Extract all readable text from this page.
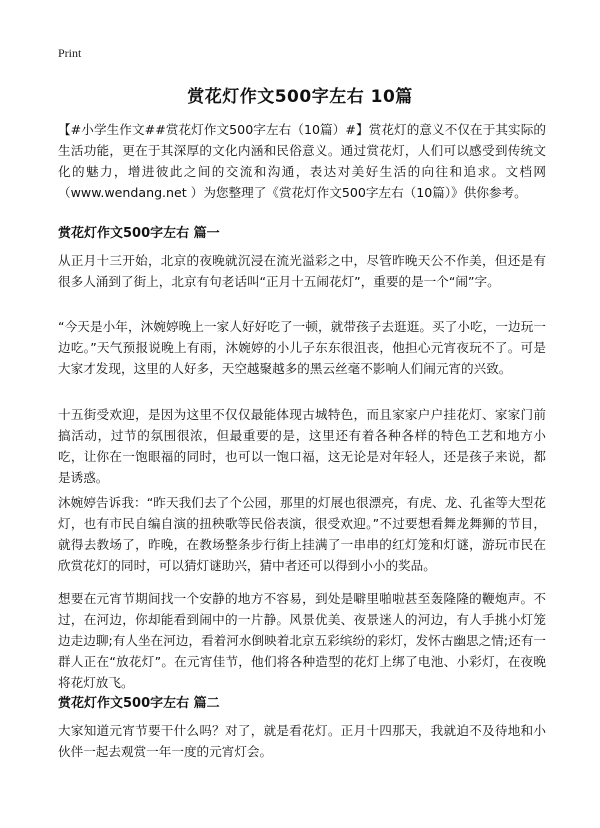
Print
赏花灯作文500字左右 10篇

【#小学生作文##赏花灯作文500字左右（10篇）#】赏花灯的意义不仅在于其实际的生活功能，更在于其深厚的文化内涵和民俗意义。通过赏花灯，人们可以感受到传统文化的魅力，增进彼此之间的交流和沟通，表达对美好生活的向往和追求。文档网（www.wendang.net ）为您整理了《赏花灯作文500字左右（10篇）》供你参考。

赏花灯作文500字左右 篇一

从正月十三开始，北京的夜晚就沉浸在流光溢彩之中，尽管昨晚天公不作美，但还是有很多人涌到了街上，北京有句老话叫“正月十五闹花灯”，重要的是一个“闹”字。

“今天是小年，沐婉婷晚上一家人好好吃了一顿，就带孩子去逛逛。买了小吃，一边玩一边吃。”天气预报说晚上有雨，沐婉婷的小儿子东东很沮丧，他担心元宵夜玩不了。可是大家才发现，这里的人好多，天空越聚越多的黑云丝毫不影响人们闹元宵的兴致。

十五街受欢迎，是因为这里不仅仅最能体现古城特色，而且家家户户挂花灯、家家门前搞活动，过节的氛围很浓，但最重要的是，这里还有着各种各样的特色工艺和地方小吃，让你在一饱眼福的同时，也可以一饱口福，这无论是对年轻人，还是孩子来说，都是诱惑。

沐婉婷告诉我：“昨天我们去了个公园，那里的灯展也很漂亮，有虎、龙、孔雀等大型花灯，也有市民自编自演的扭秧歌等民俗表演，很受欢迎。”不过要想看舞龙舞狮的节目，就得去教场了，昨晚，在教场整条步行街上挂满了一串串的红灯笼和灯谜，游玩市民在欣赏花灯的同时，可以猜灯谜助兴，猜中者还可以得到小小的奖品。

想要在元宵节期间找一个安静的地方不容易，到处是噼里啪啦甚至轰隆隆的鞭炮声。不过，在河边，你却能看到闹中的一片静。风景优美、夜景迷人的河边，有人手挑小灯笼边走边聊;有人坐在河边，看着河水倒映着北京五彩缤纷的彩灯，发怀古幽思之情;还有一群人正在“放花灯”。在元宵佳节，他们将各种造型的花灯上绑了电池、小彩灯，在夜晚将花灯放飞。

赏花灯作文500字左右 篇二

大家知道元宵节要干什么吗？对了，就是看花灯。正月十四那天，我就迫不及待地和小伙伴一起去观赏一年一度的元宵灯会。
